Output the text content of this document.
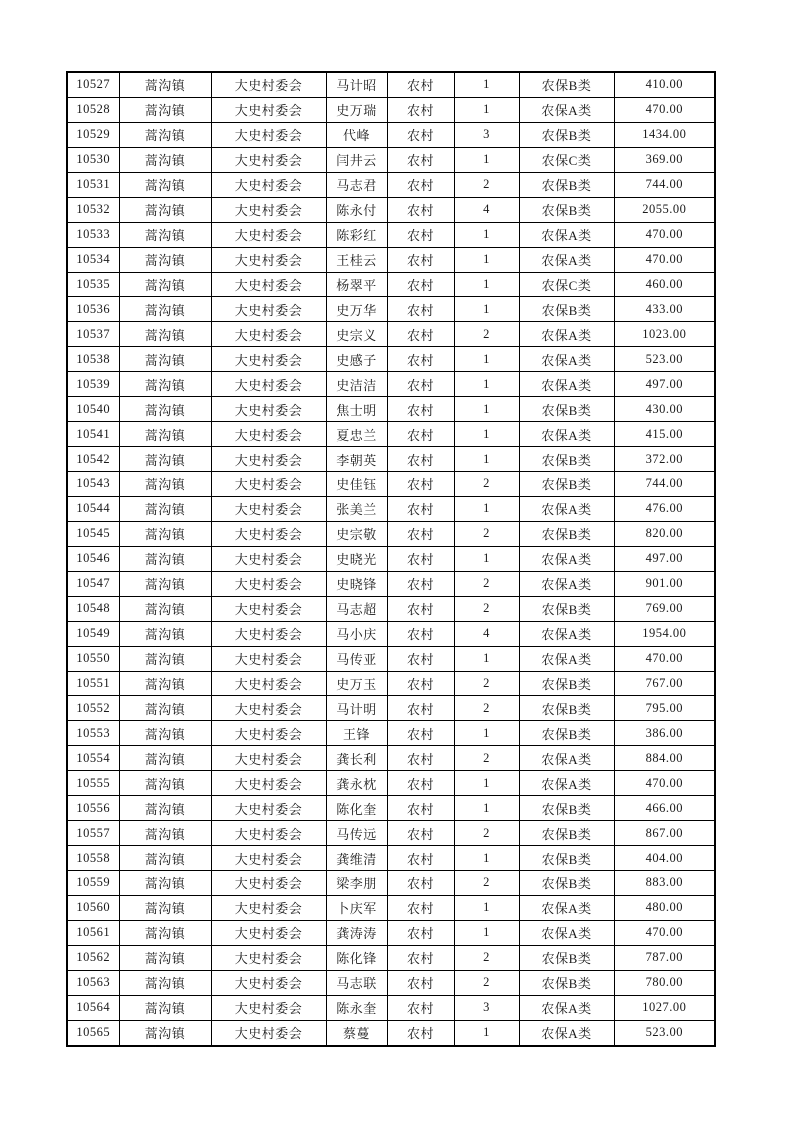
10527	蒿沟镇	大史村委会	马计昭	农村	1	农保B类	410.00
10528	蒿沟镇	大史村委会	史万瑞	农村	1	农保A类	470.00
10529	蒿沟镇	大史村委会	代峰	农村	3	农保B类	1434.00
10530	蒿沟镇	大史村委会	闫井云	农村	1	农保C类	369.00
10531	蒿沟镇	大史村委会	马志君	农村	2	农保B类	744.00
10532	蒿沟镇	大史村委会	陈永付	农村	4	农保B类	2055.00
10533	蒿沟镇	大史村委会	陈彩红	农村	1	农保A类	470.00
10534	蒿沟镇	大史村委会	王桂云	农村	1	农保A类	470.00
10535	蒿沟镇	大史村委会	杨翠平	农村	1	农保C类	460.00
10536	蒿沟镇	大史村委会	史万华	农村	1	农保B类	433.00
10537	蒿沟镇	大史村委会	史宗义	农村	2	农保A类	1023.00
10538	蒿沟镇	大史村委会	史感子	农村	1	农保A类	523.00
10539	蒿沟镇	大史村委会	史洁洁	农村	1	农保A类	497.00
10540	蒿沟镇	大史村委会	焦士明	农村	1	农保B类	430.00
10541	蒿沟镇	大史村委会	夏忠兰	农村	1	农保A类	415.00
10542	蒿沟镇	大史村委会	李朝英	农村	1	农保B类	372.00
10543	蒿沟镇	大史村委会	史佳钰	农村	2	农保B类	744.00
10544	蒿沟镇	大史村委会	张美兰	农村	1	农保A类	476.00
10545	蒿沟镇	大史村委会	史宗敬	农村	2	农保B类	820.00
10546	蒿沟镇	大史村委会	史晓光	农村	1	农保A类	497.00
10547	蒿沟镇	大史村委会	史晓锋	农村	2	农保A类	901.00
10548	蒿沟镇	大史村委会	马志超	农村	2	农保B类	769.00
10549	蒿沟镇	大史村委会	马小庆	农村	4	农保A类	1954.00
10550	蒿沟镇	大史村委会	马传亚	农村	1	农保A类	470.00
10551	蒿沟镇	大史村委会	史万玉	农村	2	农保B类	767.00
10552	蒿沟镇	大史村委会	马计明	农村	2	农保B类	795.00
10553	蒿沟镇	大史村委会	王锋	农村	1	农保B类	386.00
10554	蒿沟镇	大史村委会	龚长利	农村	2	农保A类	884.00
10555	蒿沟镇	大史村委会	龚永枕	农村	1	农保A类	470.00
10556	蒿沟镇	大史村委会	陈化奎	农村	1	农保B类	466.00
10557	蒿沟镇	大史村委会	马传远	农村	2	农保B类	867.00
10558	蒿沟镇	大史村委会	龚维清	农村	1	农保B类	404.00
10559	蒿沟镇	大史村委会	梁李朋	农村	2	农保B类	883.00
10560	蒿沟镇	大史村委会	卜庆军	农村	1	农保A类	480.00
10561	蒿沟镇	大史村委会	龚涛涛	农村	1	农保A类	470.00
10562	蒿沟镇	大史村委会	陈化锋	农村	2	农保B类	787.00
10563	蒿沟镇	大史村委会	马志联	农村	2	农保B类	780.00
10564	蒿沟镇	大史村委会	陈永奎	农村	3	农保A类	1027.00
10565	蒿沟镇	大史村委会	蔡蔓	农村	1	农保A类	523.00
